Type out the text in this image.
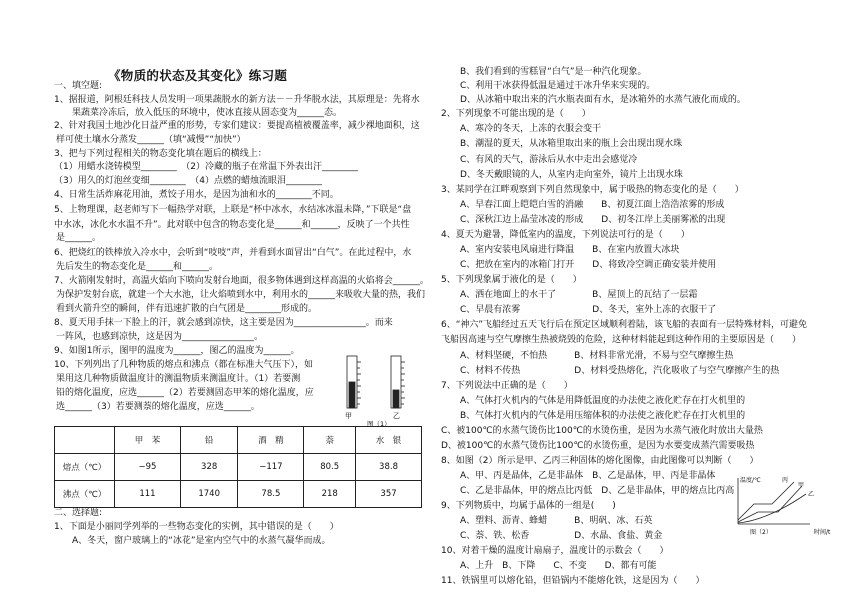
《物质的状态及其变化》练习题
一、填空题:
1、据报道，阿根廷科技人员发明一项果蔬脱水的新方法－－升华脱水法，其原理是：先将水
果蔬菜冷冻后，放入低压的环境中，使冰直接从固态变为______态。
2、针对我国土地沙化日益严重的形势，专家们建议：要提高植被覆盖率，减少裸地面积，这
样可使土壤水分蒸发______（填“减慢”“加快”）
3、把与下列过程相关的物态变化填在题后的横线上：
（1）用蜡水浇铸模型________　（2）冷藏的瓶子在常温下外表出汗________
（3）用久的灯泡丝变细________　（4）点燃的蜡烛流眼泪________
4、日常生活炸麻花用油，煮饺子用水，是因为油和水的________不同。
5、上物理课，赵老师写下一幅热学对联，上联是“杯中冰水，水结冰冰温未降，”下联是“盘
中水冰，冰化水水温不升”。此对联中包含的物态变化是______和______，反映了一个共性
是______。
6、把烧红的铁棒放入冷水中，会听到“吱吱”声，并看到水面冒出“白气”。在此过程中，水
先后发生的物态变化是______和______。
7、火箭刚发射时，高温火焰向下喷向发射台地面，很多物体遇到这样高温的火焰将会______。
为保护发射台底，就建一个大水池，让火焰喷到水中，利用水的______来吸收大量的热，我们
看到火箭升空的瞬间，伴有迅速扩散的白气团是________形成的。
8、夏天用手抹一下脸上的汗，就会感到凉快，这主要是因为________________。而来
一阵风，也感到凉快，这是因为________________。
9、如图1所示，图甲的温度为______，图乙的温度为______。
10、下列列出了几种物质的熔点和沸点（都在标准大气压下），如
果用这几种物质做温度计的测温物质来测温度计。（1）若要测
铅的熔化温度，应选______（2）若要测固态甲苯的熔化温度，应
选______（3）若要测萘的熔化温度，应选______。
甲	乙
图（1）
	甲　苯	铅	酒　精	萘	水　银
熔点（℃）	−95	328	−117	80.5	38.8
沸点（℃）	111	1740	78.5	218	357
二、选择题:
1、下面是小丽同学列举的一些物态变化的实例，其中错误的是（　　）
A、冬天，窗户玻璃上的“冰花”是室内空气中的水蒸气凝华而成。
B、我们看到的雪糕冒“白气”是一种汽化现象。
C、利用干冰获得低温是通过干冰升华来实现的。
D、从冰箱中取出来的汽水瓶表面有水，是冰箱外的水蒸气液化而成的。
2、下列现象不可能出现的是（　　）
A、寒冷的冬天，上冻的衣服会变干
B、潮湿的夏天，从冰箱里取出来的瓶上会出现出现水珠
C、有风的天气，游泳后从水中走出会感觉冷
D、冬天戴眼镜的人，从室内走向室外，镜片上出现水珠
3、某同学在江畔观察到下列自然现象中，属于吸热的物态变化的是（　　）
A、早春江面上皑皑白雪的消融　　B、初夏江面上浩浩浓雾的形成
C、深秋江边上晶莹冰凌的形成　　D、初冬江岸上美丽雾凇的出现
4、夏天为避暑，降低室内的温度，下列说法可行的是（　　）
A、室内安装电风扇进行降温　　B、在室内放置大冰块
C、把放在室内的冰箱门打开　　D、将致冷空调正确安装并使用
5、下列现象属于液化的是（　　）
A、洒在地面上的水干了　　　　B、屋顶上的瓦结了一层霜
C、早晨有浓雾　　　　　　　　D、冬天，室外上冻的衣服干了
6、“神六”飞船经过五天飞行后在预定区域顺利着陆，该飞船的表面有一层特殊材料，可避免
飞船因高速与空气摩擦生热被烧毁的危险，这种材料能起到这种作用的主要原因是（　　）
A、材料坚硬，不怕热　　　B、材料非常光滑，不易与空气摩擦生热
C、材料不传热　　　　　　D、材料受热熔化，汽化吸收了与空气摩擦产生的热
7、下列说法中正确的是（　　）
A、气体打火机内的气体是用降低温度的办法使之液化贮存在打火机里的
B、气体打火机内的气体是用压缩体积的办法使之液化贮存在打火机里的
C、被100℃的水蒸气烫伤比100℃的水烫伤重，是因为水蒸气液化时放出大量热
D、被100℃的水蒸气烫伤比100℃的水烫伤重，是因为水要变成蒸汽需要吸热
8、如图（2）所示是甲、乙丙三种固体的熔化图像，由此图像可以判断（　　）
A、甲、丙是晶体，乙是非晶体　B、乙是晶体，甲、丙是非晶体
C、乙是非晶体，甲的熔点比丙低　D、乙是非晶体，甲的熔点比丙高
9、下列物质中，均属于晶体的一组是(　　)
A、塑料、沥青、蜂蜡　　　B、明矾、冰、石英
C、萘、铁、松香　　　　　D、水晶、食盐、黄金
10、对着干燥的温度计扇扇子，温度计的示数会（　　）
A、上升　B、下降　　C、不变　　D、都有可能
11、铁锅里可以熔化铅，但铅锅内不能熔化铁，这是因为（　　）
温度/℃	丙
甲
乙
时间/t
图（2）
